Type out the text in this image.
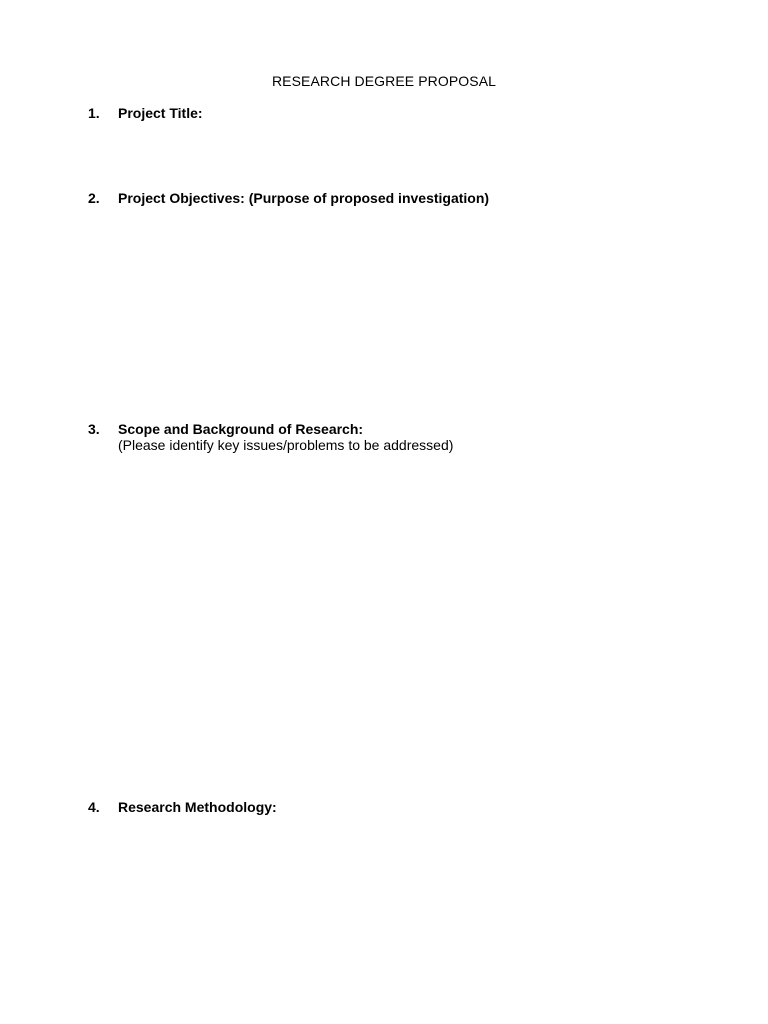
RESEARCH DEGREE PROPOSAL
1. Project Title:
2. Project Objectives: (Purpose of proposed investigation)
3. Scope and Background of Research:
(Please identify key issues/problems to be addressed)
4. Research Methodology:
